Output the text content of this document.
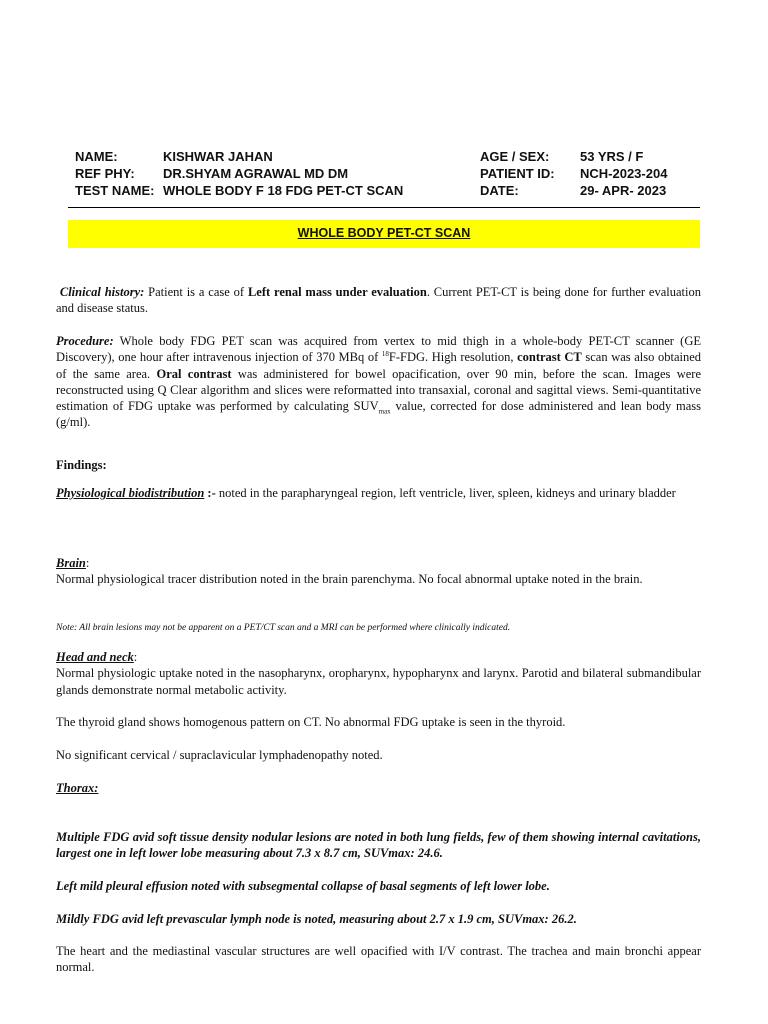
NAME:	KISHWAR JAHAN	AGE / SEX: 53 YRS / F
REF PHY: DR.SHYAM AGRAWAL MD DM	PATIENT ID: NCH-2023-204
TEST NAME: WHOLE BODY F 18 FDG PET-CT SCAN	DATE:	29- APR- 2023
WHOLE BODY PET-CT SCAN
Clinical history: Patient is a case of Left renal mass under evaluation. Current PET-CT is being done for further evaluation and disease status.
Procedure: Whole body FDG PET scan was acquired from vertex to mid thigh in a whole-body PET-CT scanner (GE Discovery), one hour after intravenous injection of 370 MBq of $^{18}$F-FDG. High resolution, contrast CT scan was also obtained of the same area. Oral contrast was administered for bowel opacification, over 90 min, before the scan. Images were reconstructed using Q Clear algorithm and slices were reformatted into transaxial, coronal and sagittal views. Semi-quantitative estimation of FDG uptake was performed by calculating $SUV_{max}$ value, corrected for dose administered and lean body mass (g/ml).
Findings:
Physiological biodistribution :- noted in the parapharyngeal region, left ventricle, liver, spleen, kidneys and urinary bladder
Brain:
Normal physiological tracer distribution noted in the brain parenchyma. No focal abnormal uptake noted in the brain.
Note: All brain lesions may not be apparent on a PET/CT scan and a MRI can be performed where clinically indicated.
Head and neck:
Normal physiologic uptake noted in the nasopharynx, oropharynx, hypopharynx and larynx. Parotid and bilateral submandibular glands demonstrate normal metabolic activity.
The thyroid gland shows homogenous pattern on CT. No abnormal FDG uptake is seen in the thyroid.
No significant cervical / supraclavicular lymphadenopathy noted.
Thorax:
Multiple FDG avid soft tissue density nodular lesions are noted in both lung fields, few of them showing internal cavitations, largest one in left lower lobe measuring about 7.3 x 8.7 cm, SUVmax: 24.6.
Left mild pleural effusion noted with subsegmental collapse of basal segments of left lower lobe.
Mildly FDG avid left prevascular lymph node is noted, measuring about 2.7 x 1.9 cm, SUVmax: 26.2.
The heart and the mediastinal vascular structures are well opacified with I/V contrast. The trachea and main bronchi appear normal.
